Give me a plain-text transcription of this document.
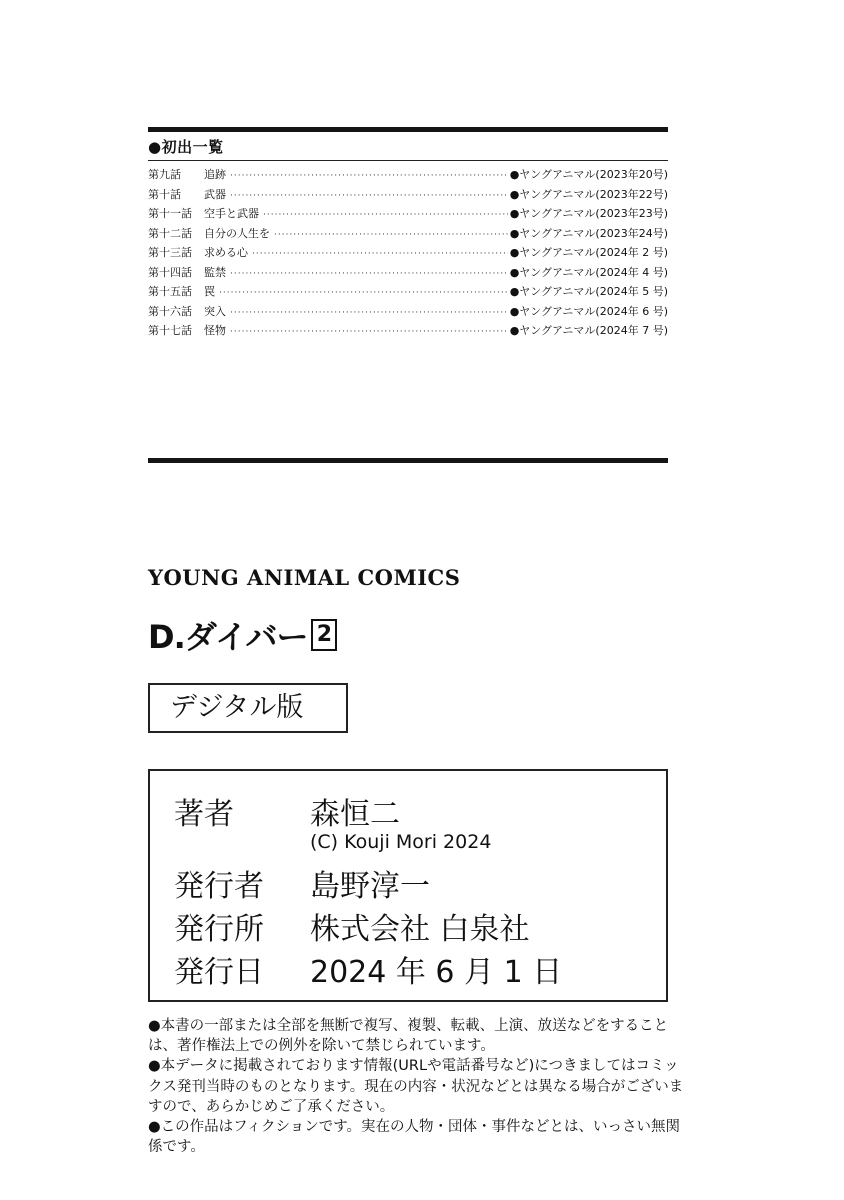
●初出一覧
第九話	追跡 ·····	●ヤングアニマル(2023年20号)
第十話	武器 ·····	●ヤングアニマル(2023年22号)
第十一話	空手と武器 ·····	●ヤングアニマル(2023年23号)
第十二話	自分の人生を ·····	●ヤングアニマル(2023年24号)
第十三話	求める心 ·····	●ヤングアニマル(2024年 2 号)
第十四話	監禁 ·····	●ヤングアニマル(2024年 4 号)
第十五話	罠 ·····	●ヤングアニマル(2024年 5 号)
第十六話	突入 ·····	●ヤングアニマル(2024年 6 号)
第十七話	怪物 ·····	●ヤングアニマル(2024年 7 号)
YOUNG ANIMAL COMICS
D.ダイバー 2
デジタル版
著者	森恒二
(C) Kouji Mori 2024
発行者 島野淳一
発行所 株式会社 白泉社
発行日 2024 年 6 月 1 日

●本書の一部または全部を無断で複写、複製、転載、上演、放送などをすることは、著作権法上での例外を除いて禁じられています。

●本データに掲載されております情報(URLや電話番号など)につきましてはコミックス発刊当時のものとなります。現在の内容・状況などとは異なる場合がございますので、あらかじめご了承ください。

●この作品はフィクションです。実在の人物・団体・事件などとは、いっさい無関係です。
